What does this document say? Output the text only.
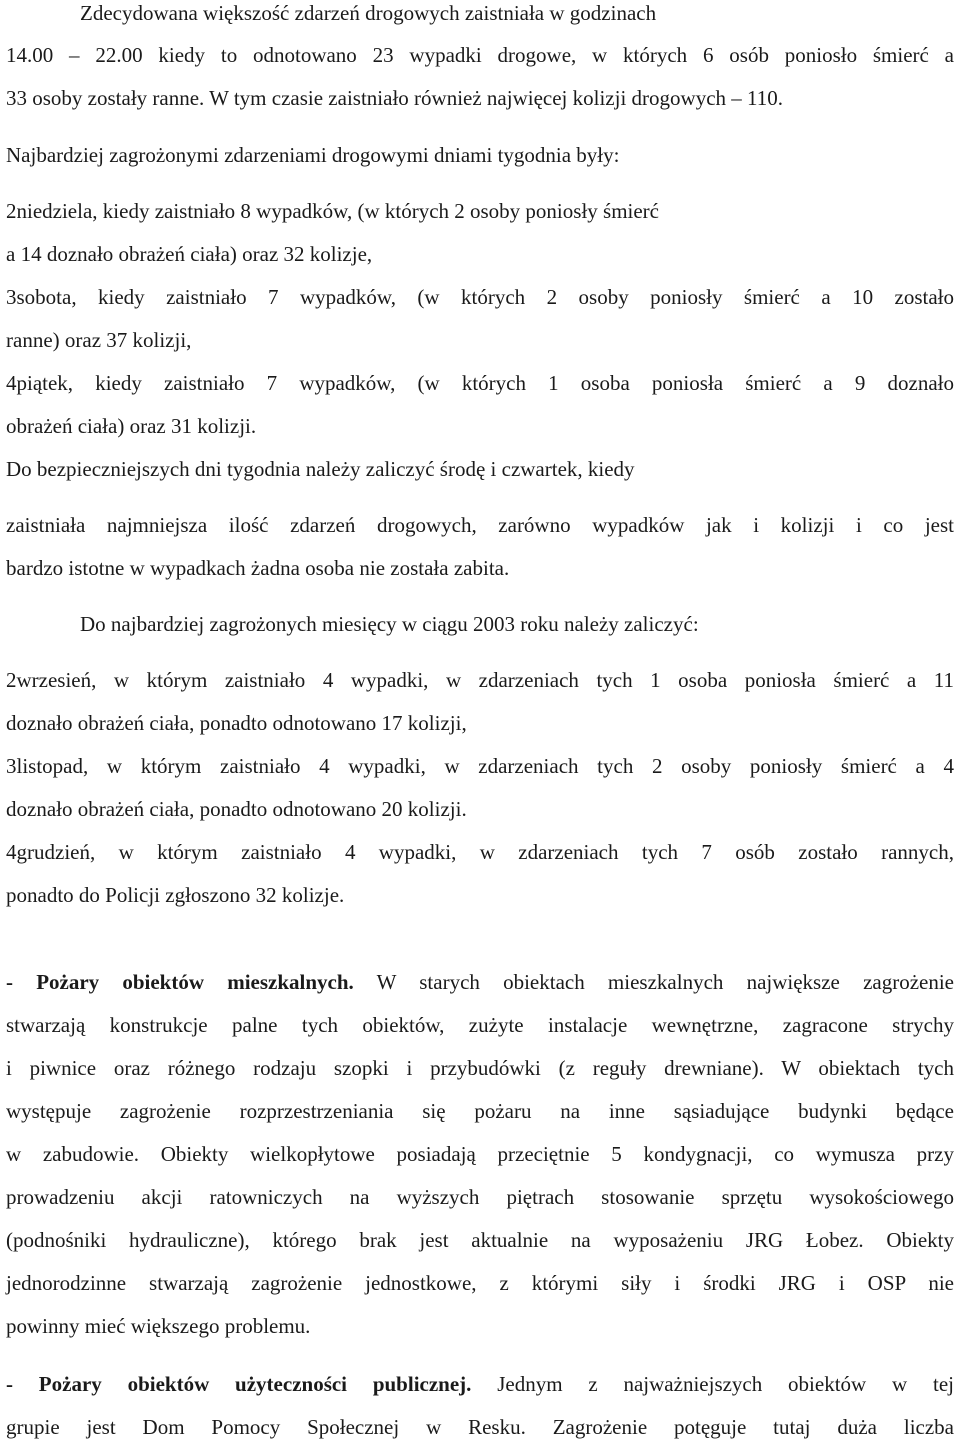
Zdecydowana większość zdarzeń drogowych zaistniała w godzinach
14.00 – 22.00 kiedy to odnotowano 23 wypadki drogowe, w których 6 osób poniosło śmierć a
33 osoby zostały ranne. W tym czasie zaistniało również najwięcej kolizji drogowych – 110.
Najbardziej zagrożonymi zdarzeniami drogowymi dniami tygodnia były:
2niedziela, kiedy zaistniało 8 wypadków, (w których 2 osoby poniosły śmierć
a 14 doznało obrażeń ciała) oraz 32 kolizje,
3sobota, kiedy zaistniało 7 wypadków, (w których 2 osoby poniosły śmierć a 10 zostało
ranne) oraz 37 kolizji,
4piątek, kiedy zaistniało 7 wypadków, (w których 1 osoba poniosła śmierć a 9 doznało
obrażeń ciała) oraz 31 kolizji.
Do bezpieczniejszych dni tygodnia należy zaliczyć środę i czwartek, kiedy
zaistniała najmniejsza ilość zdarzeń drogowych, zarówno wypadków jak i kolizji i co jest
bardzo istotne w wypadkach żadna osoba nie została zabita.
Do najbardziej zagrożonych miesięcy w ciągu 2003 roku należy zaliczyć:
2wrzesień, w którym zaistniało 4 wypadki, w zdarzeniach tych 1 osoba poniosła śmierć a 11
doznało obrażeń ciała, ponadto odnotowano 17 kolizji,
3listopad, w którym zaistniało 4 wypadki, w zdarzeniach tych 2 osoby poniosły śmierć a 4
doznało obrażeń ciała, ponadto odnotowano 20 kolizji.
4grudzień, w którym zaistniało 4 wypadki, w zdarzeniach tych 7 osób zostało rannych,
ponadto do Policji zgłoszono 32 kolizje.
- Pożary obiektów mieszkalnych. W starych obiektach mieszkalnych największe zagrożenie
stwarzają konstrukcje palne tych obiektów, zużyte instalacje wewnętrzne, zagracone strychy
i piwnice oraz różnego rodzaju szopki i przybudówki (z reguły drewniane). W obiektach tych
występuje zagrożenie rozprzestrzeniania się pożaru na inne sąsiadujące budynki będące
w zabudowie. Obiekty wielkopłytowe posiadają przeciętnie 5 kondygnacji, co wymusza przy
prowadzeniu akcji ratowniczych na wyższych piętrach stosowanie sprzętu wysokościowego
(podnośniki hydrauliczne), którego brak jest aktualnie na wyposażeniu JRG Łobez. Obiekty
jednorodzinne stwarzają zagrożenie jednostkowe, z którymi siły i środki JRG i OSP nie
powinny mieć większego problemu.
- Pożary obiektów użyteczności publicznej. Jednym z najważniejszych obiektów w tej
grupie jest Dom Pomocy Społecznej w Resku. Zagrożenie potęguje tutaj duża liczba
